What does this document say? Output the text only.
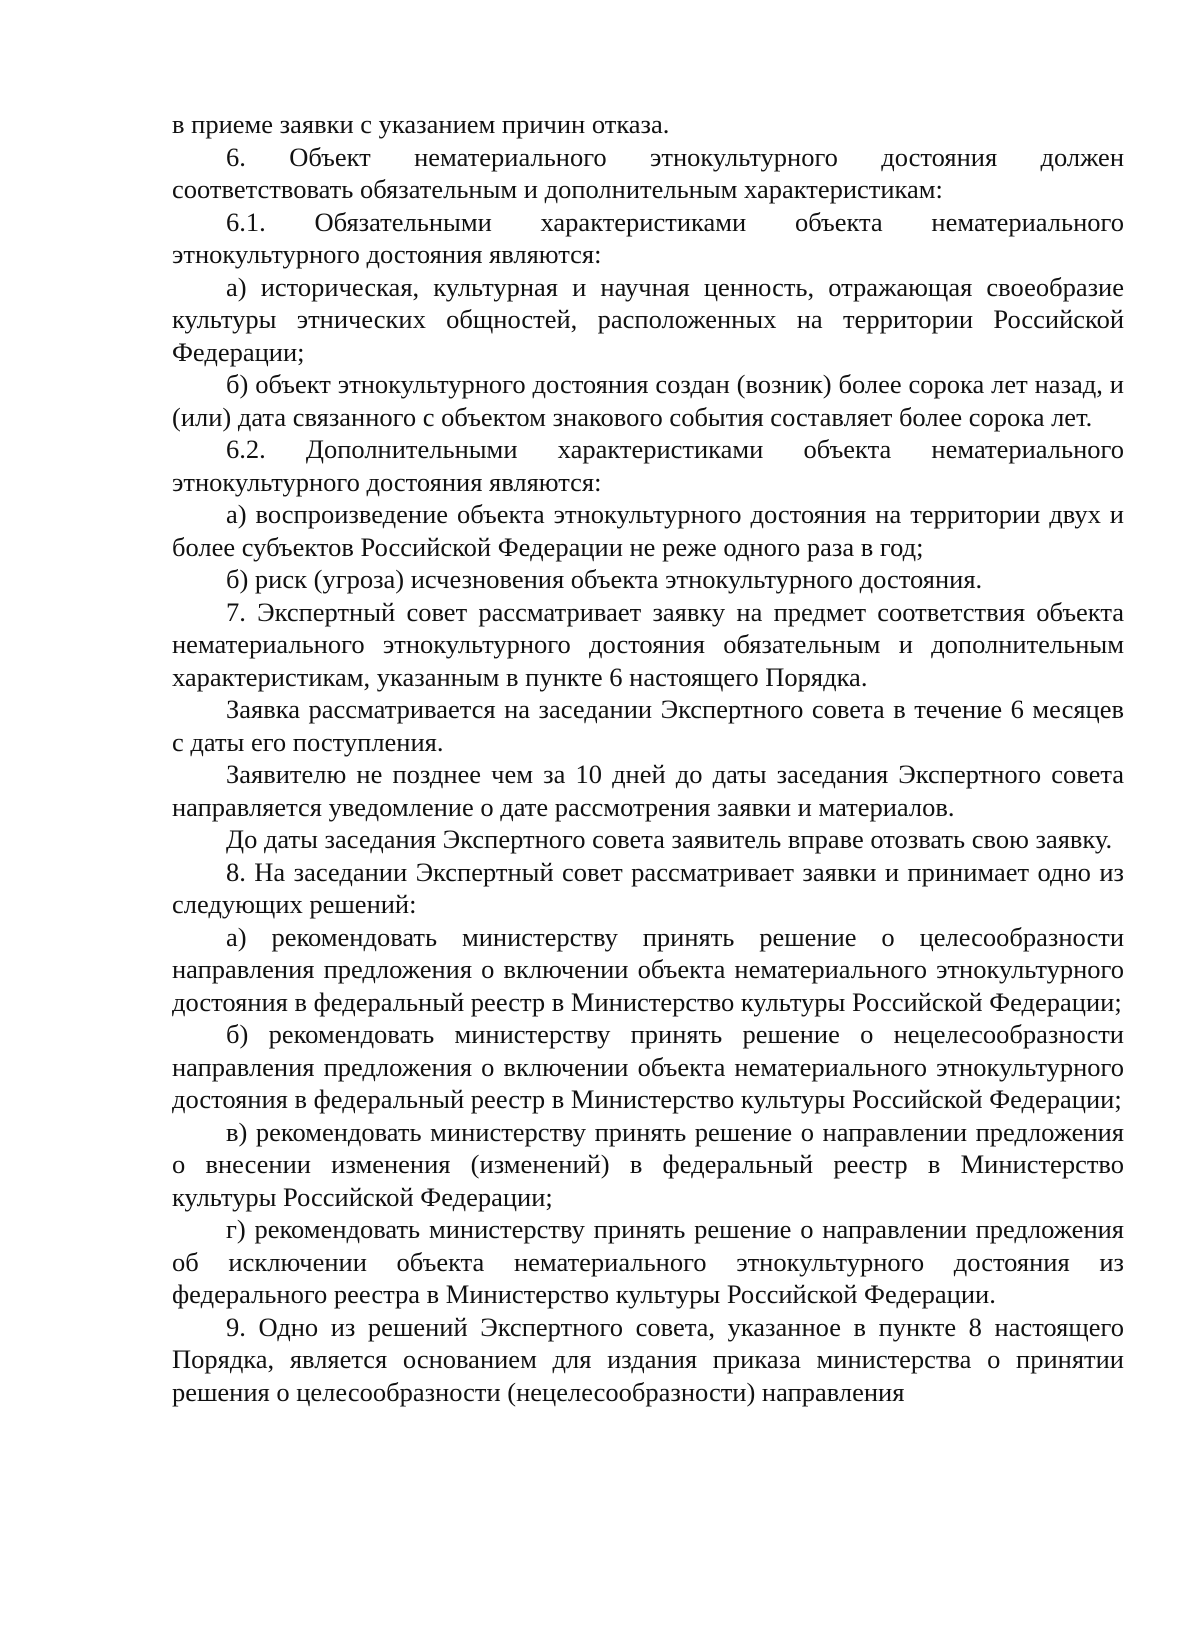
в приеме заявки с указанием причин отказа.

6. Объект нематериального этнокультурного достояния должен соответствовать обязательным и дополнительным характеристикам:

6.1. Обязательными характеристиками объекта нематериального этнокультурного достояния являются:

а) историческая, культурная и научная ценность, отражающая своеобразие культуры этнических общностей, расположенных на территории Российской Федерации;

б) объект этнокультурного достояния создан (возник) более сорока лет назад, и (или) дата связанного с объектом знакового события составляет более сорока лет.

6.2. Дополнительными характеристиками объекта нематериального этнокультурного достояния являются:

а) воспроизведение объекта этнокультурного достояния на территории двух и более субъектов Российской Федерации не реже одного раза в год;

б) риск (угроза) исчезновения объекта этнокультурного достояния.

7. Экспертный совет рассматривает заявку на предмет соответствия объекта нематериального этнокультурного достояния обязательным и дополнительным характеристикам, указанным в пункте 6 настоящего Порядка.

Заявка рассматривается на заседании Экспертного совета в течение 6 месяцев с даты его поступления.

Заявителю не позднее чем за 10 дней до даты заседания Экспертного совета направляется уведомление о дате рассмотрения заявки и материалов.

До даты заседания Экспертного совета заявитель вправе отозвать свою заявку.

8. На заседании Экспертный совет рассматривает заявки и принимает одно из следующих решений:

а) рекомендовать министерству принять решение о целесообразности направления предложения о включении объекта нематериального этнокультурного достояния в федеральный реестр в Министерство культуры Российской Федерации;

б) рекомендовать министерству принять решение о нецелесообразности направления предложения о включении объекта нематериального этнокультурного достояния в федеральный реестр в Министерство культуры Российской Федерации;

в) рекомендовать министерству принять решение о направлении предложения о внесении изменения (изменений) в федеральный реестр в Министерство культуры Российской Федерации;

г) рекомендовать министерству принять решение о направлении предложения об исключении объекта нематериального этнокультурного достояния из федерального реестра в Министерство культуры Российской Федерации.

9. Одно из решений Экспертного совета, указанное в пункте 8 настоящего Порядка, является основанием для издания приказа министерства о принятии решения о целесообразности (нецелесообразности) направления
